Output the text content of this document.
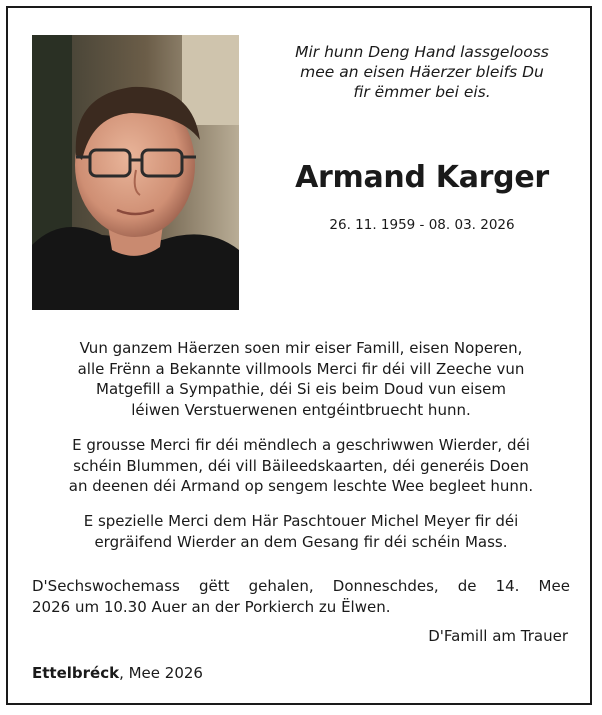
Mir hunn Deng Hand lassgelooss
mee an eisen Häerzer bleifs Du
fir ëmmer bei eis.
Armand Karger
26. 11. 1959 - 08. 03. 2026
Vun ganzem Häerzen soen mir eiser Famill, eisen Noperen,
alle Frënn a Bekannte villmools Merci fir déi vill Zeeche vun
Matgefill a Sympathie, déi Si eis beim Doud vun eisem
léiwen Verstuerwenen entgéintbruecht hunn.
E grousse Merci fir déi mëndlech a geschriwwen Wierder, déi
schéin Blummen, déi vill Bäileedskaarten, déi generéis Doen
an deenen déi Armand op sengem leschte Wee begleet hunn.
E spezielle Merci dem Här Paschtouer Michel Meyer fir déi
ergräifend Wierder an dem Gesang fir déi schéin Mass.
D'Sechswochemass gëtt gehalen, Donneschdes, de 14. Mee
2026 um 10.30 Auer an der Porkierch zu Ëlwen.
D'Famill am Trauer
Ettelbréck, Mee 2026
